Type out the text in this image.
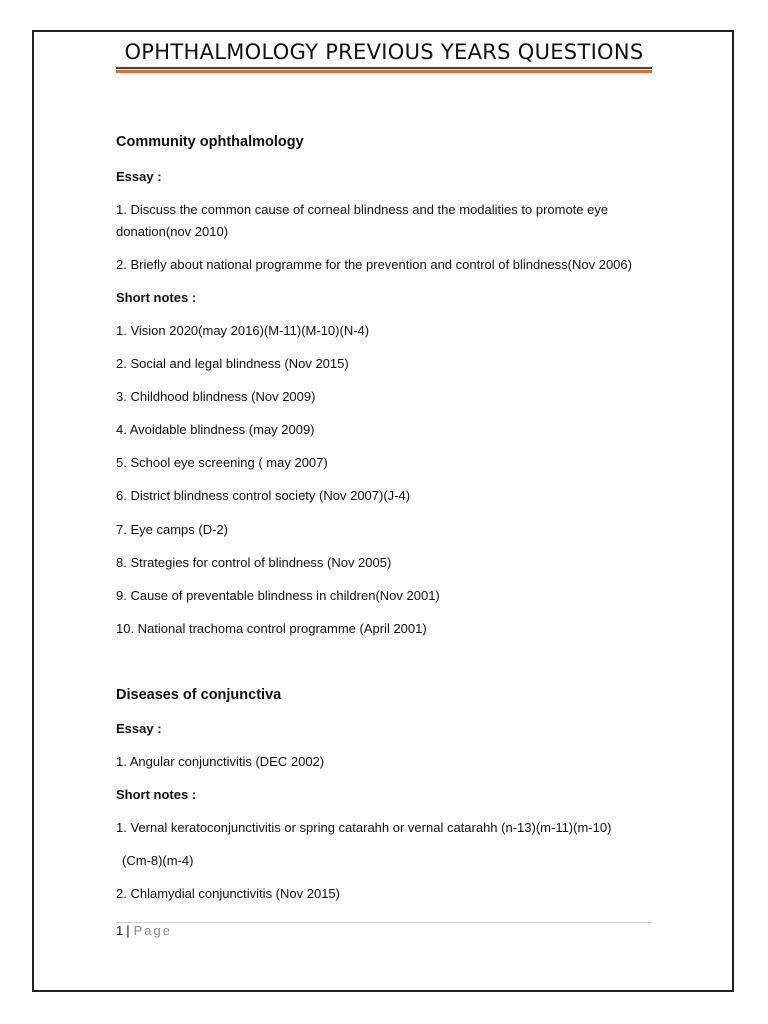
OPHTHALMOLOGY PREVIOUS YEARS QUESTIONS
Community ophthalmology
Essay :
1. Discuss the common cause of corneal blindness and the modalities to promote eye
donation(nov 2010)
2. Briefly about national programme for the prevention and control of blindness(Nov 2006)
Short notes :
1. Vision 2020(may 2016)(M-11)(M-10)(N-4)
2. Social and legal blindness (Nov 2015)
3. Childhood blindness (Nov 2009)
4. Avoidable blindness (may 2009)
5. School eye screening ( may 2007)
6. District blindness control society (Nov 2007)(J-4)
7. Eye camps (D-2)
8. Strategies for control of blindness (Nov 2005)
9. Cause of preventable blindness in children(Nov 2001)
10. National trachoma control programme (April 2001)
Diseases of conjunctiva
Essay :
1. Angular conjunctivitis (DEC 2002)
Short notes :
1. Vernal keratoconjunctivitis or spring catarahh or vernal catarahh (n-13)(m-11)(m-10)
(Cm-8)(m-4)
2. Chlamydial conjunctivitis (Nov 2015)
1 | Page
